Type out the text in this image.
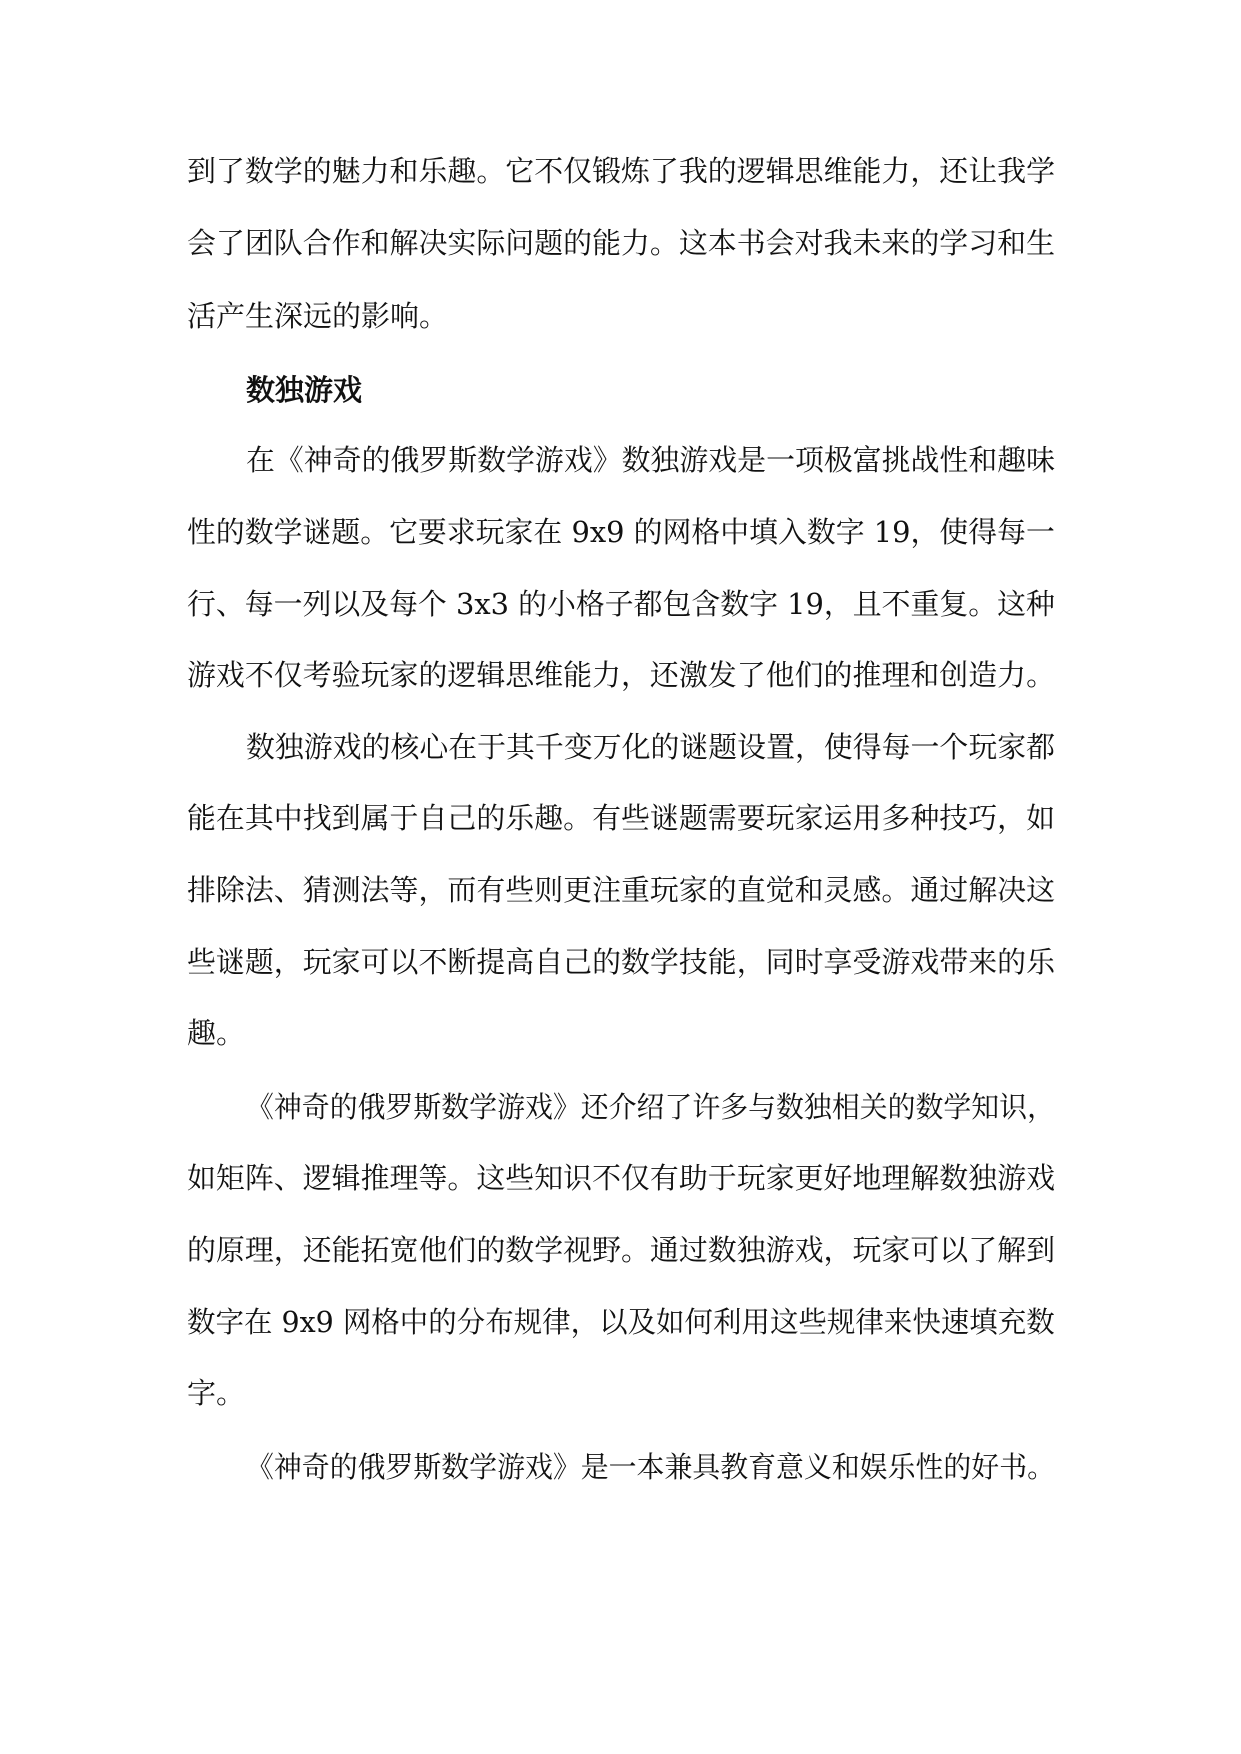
到了数学的魅力和乐趣。它不仅锻炼了我的逻辑思维能力，还让我学

会了团队合作和解决实际问题的能力。这本书会对我未来的学习和生

活产生深远的影响。

数独游戏

在《神奇的俄罗斯数学游戏》数独游戏是一项极富挑战性和趣味

性的数学谜题。它要求玩家在 9x9 的网格中填入数字 19，使得每一

行、每一列以及每个 3x3 的小格子都包含数字 19，且不重复。这种

游戏不仅考验玩家的逻辑思维能力，还激发了他们的推理和创造力。

数独游戏的核心在于其千变万化的谜题设置，使得每一个玩家都

能在其中找到属于自己的乐趣。有些谜题需要玩家运用多种技巧，如

排除法、猜测法等，而有些则更注重玩家的直觉和灵感。通过解决这

些谜题，玩家可以不断提高自己的数学技能，同时享受游戏带来的乐

趣。

《神奇的俄罗斯数学游戏》还介绍了许多与数独相关的数学知识，

如矩阵、逻辑推理等。这些知识不仅有助于玩家更好地理解数独游戏

的原理，还能拓宽他们的数学视野。通过数独游戏，玩家可以了解到

数字在 9x9 网格中的分布规律，以及如何利用这些规律来快速填充数

字。

《神奇的俄罗斯数学游戏》是一本兼具教育意义和娱乐性的好书。
